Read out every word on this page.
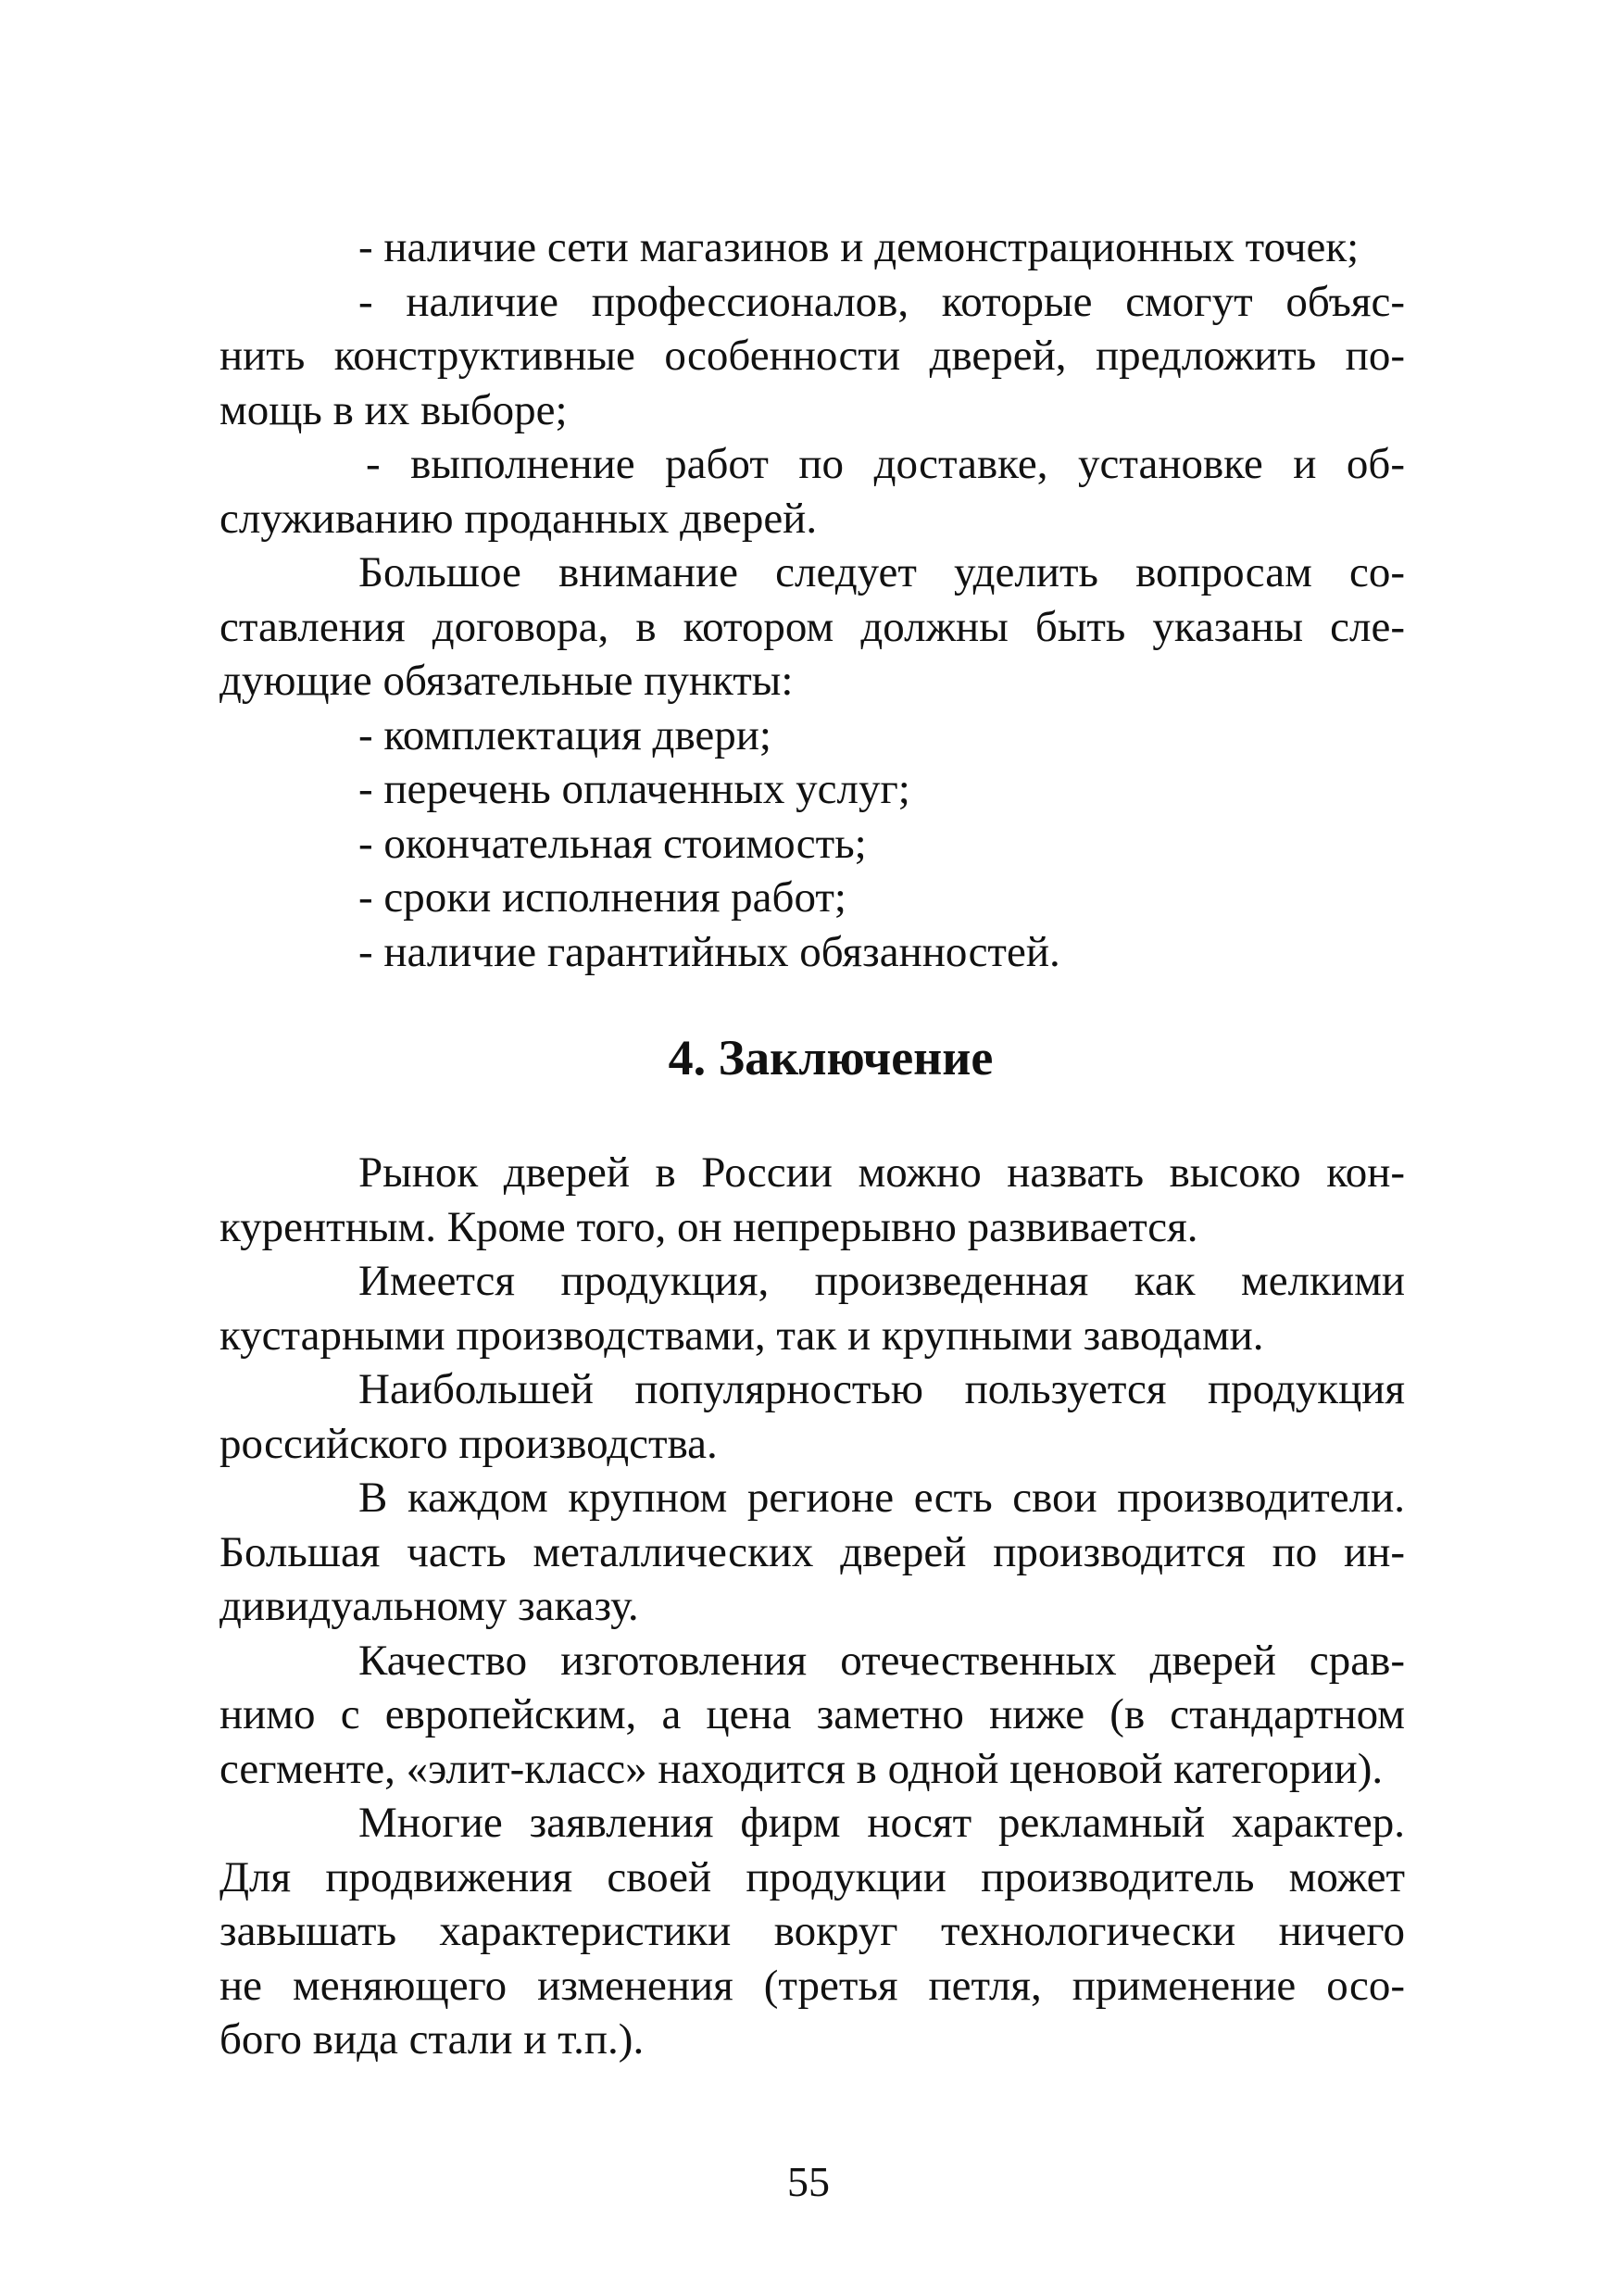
- наличие сети магазинов и демонстрационных точек;
- наличие профессионалов, которые смогут объяс-
нить конструктивные особенности дверей, предложить по-
мощь в их выборе;
- выполнение работ по доставке, установке и об-
служиванию проданных дверей.
Большое внимание следует уделить вопросам со-
ставления договора, в котором должны быть указаны сле-
дующие обязательные пункты:
- комплектация двери;
- перечень оплаченных услуг;
- окончательная стоимость;
- сроки исполнения работ;
- наличие гарантийных обязанностей.
4. Заключение
Рынок дверей в России можно назвать высоко кон-
курентным. Кроме того, он непрерывно развивается.
Имеется продукция, произведенная как мелкими
кустарными производствами, так и крупными заводами.
Наибольшей популярностью пользуется продукция
российского производства.
В каждом крупном регионе есть свои производители.
Большая часть металлических дверей производится по ин-
дивидуальному заказу.
Качество изготовления отечественных дверей срав-
нимо с европейским, а цена заметно ниже (в стандартном
сегменте, «элит-класс» находится в одной ценовой категории).
Многие заявления фирм носят рекламный характер.
Для продвижения своей продукции производитель может
завышать характеристики вокруг технологически ничего
не меняющего изменения (третья петля, применение осо-
бого вида стали и т.п.).
55
